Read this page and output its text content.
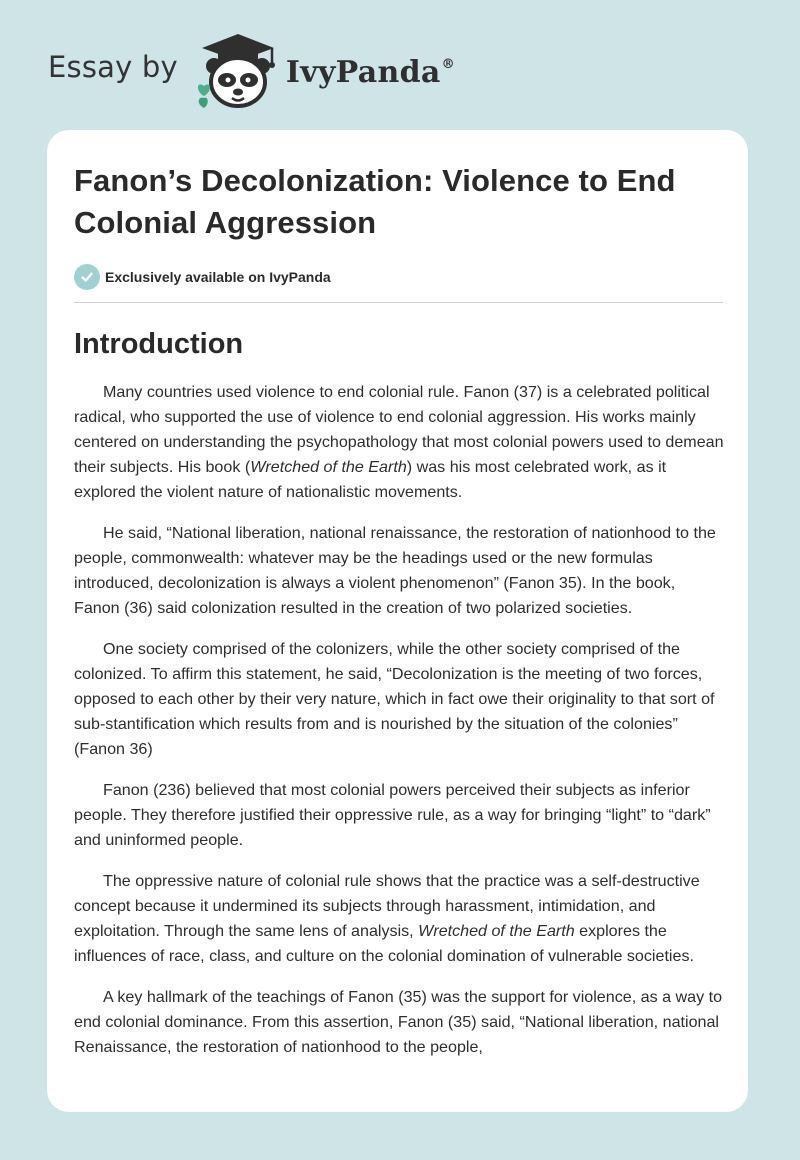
Essay by	IvyPanda®
Fanon’s Decolonization: Violence to End Colonial Aggression
Exclusively available on IvyPanda
Introduction

Many countries used violence to end colonial rule. Fanon (37) is a celebrated political radical, who supported the use of violence to end colonial aggression. His works mainly centered on understanding the psychopathology that most colonial powers used to demean their subjects. His book (Wretched of the Earth) was his most celebrated work, as it explored the violent nature of nationalistic movements.

He said, “National liberation, national renaissance, the restoration of nationhood to the people, commonwealth: whatever may be the headings used or the new formulas introduced, decolonization is always a violent phenomenon” (Fanon 35). In the book, Fanon (36) said colonization resulted in the creation of two polarized societies.

One society comprised of the colonizers, while the other society comprised of the colonized. To affirm this statement, he said, “Decolonization is the meeting of two forces, opposed to each other by their very nature, which in fact owe their originality to that sort of sub-stantification which results from and is nourished by the situation of the colonies” (Fanon 36)

Fanon (236) believed that most colonial powers perceived their subjects as inferior people. They therefore justified their oppressive rule, as a way for bringing “light” to “dark” and uninformed people.

The oppressive nature of colonial rule shows that the practice was a self-destructive concept because it undermined its subjects through harassment, intimidation, and exploitation. Through the same lens of analysis, Wretched of the Earth explores the influences of race, class, and culture on the colonial domination of vulnerable societies.

A key hallmark of the teachings of Fanon (35) was the support for violence, as a way to end colonial dominance. From this assertion, Fanon (35) said, “National liberation, national Renaissance, the restoration of nationhood to the people,
